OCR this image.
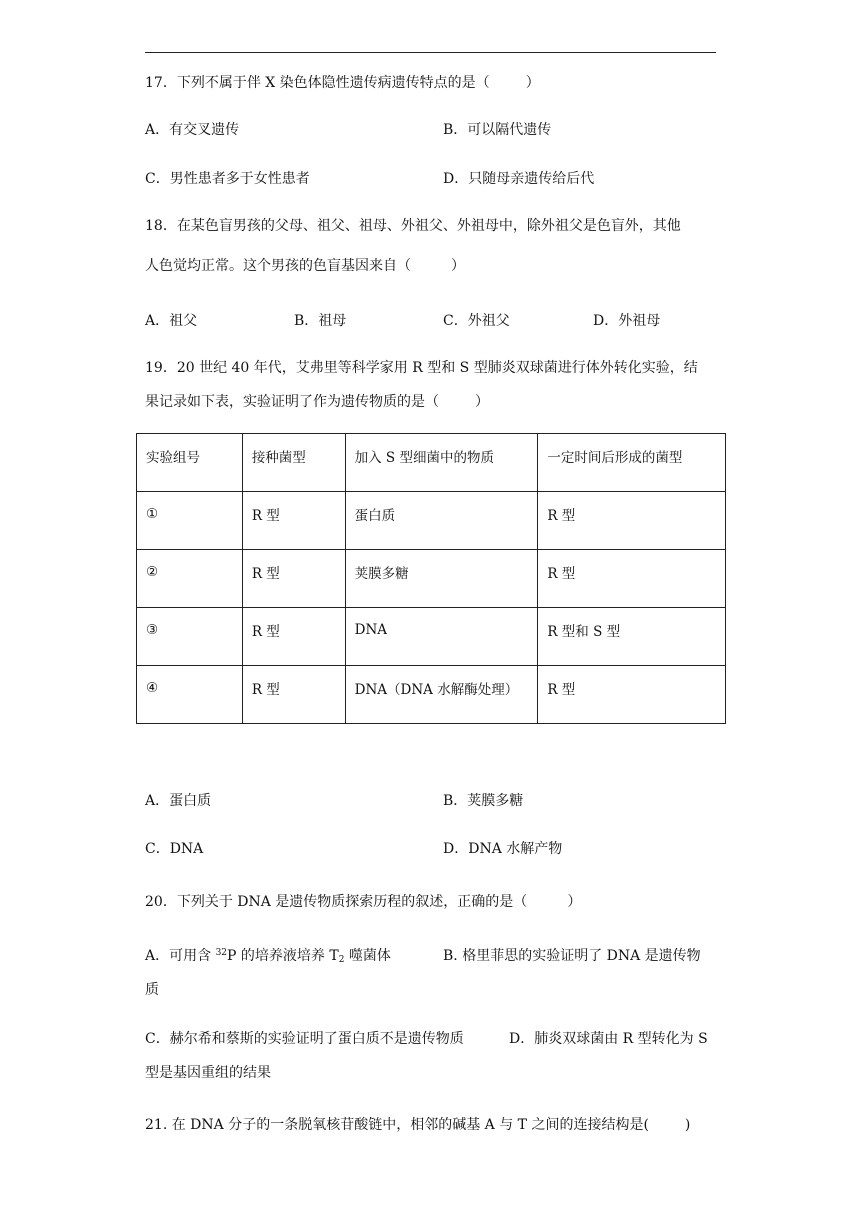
17．下列不属于伴 X 染色体隐性遗传病遗传特点的是（	）
A．有交叉遗传	B．可以隔代遗传
C．男性患者多于女性患者	D．只随母亲遗传给后代
18．在某色盲男孩的父母、祖父、祖母、外祖父、外祖母中，除外祖父是色盲外，其他
人色觉均正常。这个男孩的色盲基因来自（	）
A．祖父	B．祖母	C．外祖父	D．外祖母
19．20 世纪 40 年代，艾弗里等科学家用 R 型和 S 型肺炎双球菌进行体外转化实验，结
果记录如下表，实验证明了作为遗传物质的是（	）
实验组号	接种菌型	加入 S 型细菌中的物质	一定时间后形成的菌型
①	R 型	蛋白质	R 型
②	R 型	荚膜多糖	R 型
③	R 型	DNA	R 型和 S 型
④	R 型	DNA（DNA 水解酶处理）	R 型
A．蛋白质	B．荚膜多糖
C．DNA	D．DNA 水解产物
20．下列关于 DNA 是遗传物质探索历程的叙述，正确的是（	）
A．可用含 $^{32}$P 的培养液培养 $T_2$ 噬菌体	B. 格里菲思的实验证明了 DNA 是遗传物
质
C．赫尔希和蔡斯的实验证明了蛋白质不是遗传物质	D．肺炎双球菌由 R 型转化为 S
型是基因重组的结果
21. 在 DNA 分子的一条脱氧核苷酸链中，相邻的碱基 A 与 T 之间的连接结构是(	)
